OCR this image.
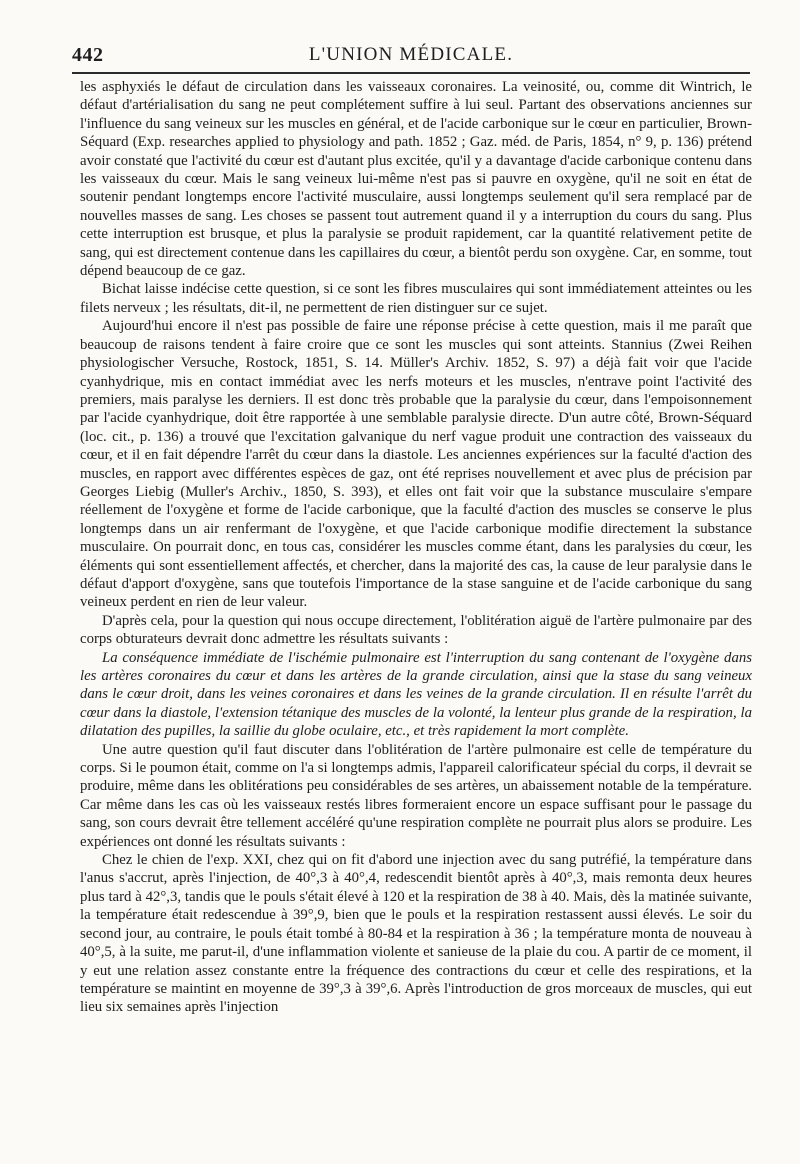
442	L'UNION MÉDICALE.

les asphyxiés le défaut de circulation dans les vaisseaux coronaires. La veinosité, ou, comme dit Wintrich, le défaut d'artérialisation du sang ne peut complétement suffire à lui seul. Partant des observations anciennes sur l'influence du sang veineux sur les muscles en général, et de l'acide carbonique sur le cœur en particulier, Brown-Séquard (Exp. researches applied to physiology and path. 1852 ; Gaz. méd. de Paris, 1854, n° 9, p. 136) prétend avoir constaté que l'activité du cœur est d'autant plus excitée, qu'il y a davantage d'acide carbonique contenu dans les vaisseaux du cœur. Mais le sang veineux lui-même n'est pas si pauvre en oxygène, qu'il ne soit en état de soutenir pendant longtemps encore l'activité musculaire, aussi longtemps seulement qu'il sera remplacé par de nouvelles masses de sang. Les choses se passent tout autrement quand il y a interruption du cours du sang. Plus cette interruption est brusque, et plus la paralysie se produit rapidement, car la quantité relativement petite de sang, qui est directement contenue dans les capillaires du cœur, a bientôt perdu son oxygène. Car, en somme, tout dépend beaucoup de ce gaz.

Bichat laisse indécise cette question, si ce sont les fibres musculaires qui sont immédiatement atteintes ou les filets nerveux ; les résultats, dit-il, ne permettent de rien distinguer sur ce sujet.

Aujourd'hui encore il n'est pas possible de faire une réponse précise à cette question, mais il me paraît que beaucoup de raisons tendent à faire croire que ce sont les muscles qui sont atteints. Stannius (Zwei Reihen physiologischer Versuche, Rostock, 1851, S. 14. Müller's Archiv. 1852, S. 97) a déjà fait voir que l'acide cyanhydrique, mis en contact immédiat avec les nerfs moteurs et les muscles, n'entrave point l'activité des premiers, mais paralyse les derniers. Il est donc très probable que la paralysie du cœur, dans l'empoisonnement par l'acide cyanhydrique, doit être rapportée à une semblable paralysie directe. D'un autre côté, Brown-Séquard (loc. cit., p. 136) a trouvé que l'excitation galvanique du nerf vague produit une contraction des vaisseaux du cœur, et il en fait dépendre l'arrêt du cœur dans la diastole. Les anciennes expériences sur la faculté d'action des muscles, en rapport avec différentes espèces de gaz, ont été reprises nouvellement et avec plus de précision par Georges Liebig (Muller's Archiv., 1850, S. 393), et elles ont fait voir que la substance musculaire s'empare réellement de l'oxygène et forme de l'acide carbonique, que la faculté d'action des muscles se conserve le plus longtemps dans un air renfermant de l'oxygène, et que l'acide carbonique modifie directement la substance musculaire. On pourrait donc, en tous cas, considérer les muscles comme étant, dans les paralysies du cœur, les éléments qui sont essentiellement affectés, et chercher, dans la majorité des cas, la cause de leur paralysie dans le défaut d'apport d'oxygène, sans que toutefois l'importance de la stase sanguine et de l'acide carbonique du sang veineux perdent en rien de leur valeur.

D'après cela, pour la question qui nous occupe directement, l'oblitération aiguë de l'artère pulmonaire par des corps obturateurs devrait donc admettre les résultats suivants :

La conséquence immédiate de l'ischémie pulmonaire est l'interruption du sang contenant de l'oxygène dans les artères coronaires du cœur et dans les artères de la grande circulation, ainsi que la stase du sang veineux dans le cœur droit, dans les veines coronaires et dans les veines de la grande circulation. Il en résulte l'arrêt du cœur dans la diastole, l'extension tétanique des muscles de la volonté, la lenteur plus grande de la respiration, la dilatation des pupilles, la saillie du globe oculaire, etc., et très rapidement la mort complète.

Une autre question qu'il faut discuter dans l'oblitération de l'artère pulmonaire est celle de température du corps. Si le poumon était, comme on l'a si longtemps admis, l'appareil calorificateur spécial du corps, il devrait se produire, même dans les oblitérations peu considérables de ses artères, un abaissement notable de la température. Car même dans les cas où les vaisseaux restés libres formeraient encore un espace suffisant pour le passage du sang, son cours devrait être tellement accéléré qu'une respiration complète ne pourrait plus alors se produire. Les expériences ont donné les résultats suivants :

Chez le chien de l'exp. XXI, chez qui on fit d'abord une injection avec du sang putréfié, la température dans l'anus s'accrut, après l'injection, de 40°,3 à 40°,4, redescendit bientôt après à 40°,3, mais remonta deux heures plus tard à 42°,3, tandis que le pouls s'était élevé à 120 et la respiration de 38 à 40. Mais, dès la matinée suivante, la température était redescendue à 39°,9, bien que le pouls et la respiration restassent aussi élevés. Le soir du second jour, au contraire, le pouls était tombé à 80-84 et la respiration à 36 ; la température monta de nouveau à 40°,5, à la suite, me parut-il, d'une inflammation violente et sanieuse de la plaie du cou. A partir de ce moment, il y eut une relation assez constante entre la fréquence des contractions du cœur et celle des respirations, et la température se maintint en moyenne de 39°,3 à 39°,6. Après l'introduction de gros morceaux de muscles, qui eut lieu six semaines après l'injection
